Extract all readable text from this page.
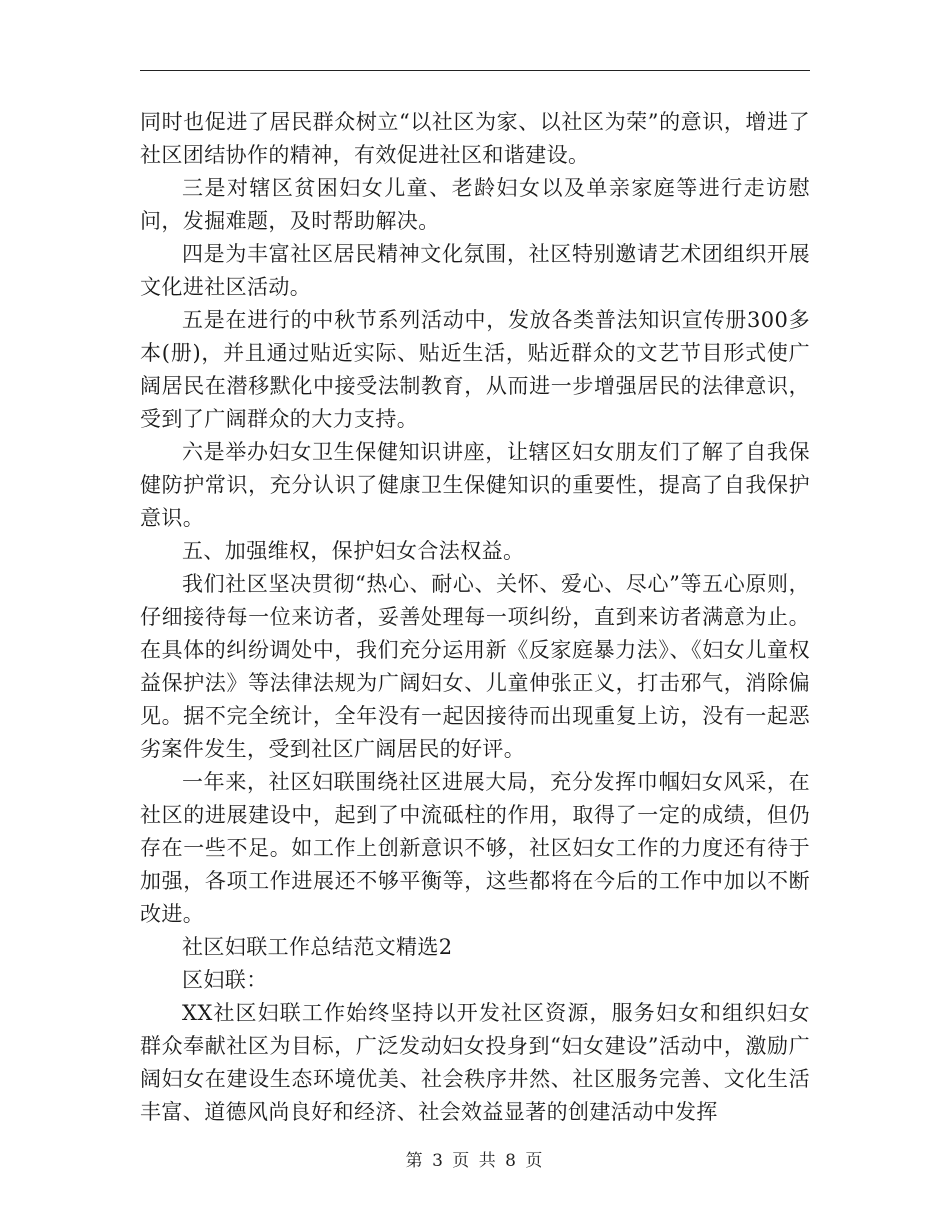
同时也促进了居民群众树立“以社区为家、以社区为荣”的意识，增进了社区团结协作的精神，有效促进社区和谐建设。

三是对辖区贫困妇女儿童、老龄妇女以及单亲家庭等进行走访慰问，发掘难题，及时帮助解决。

四是为丰富社区居民精神文化氛围，社区特别邀请艺术团组织开展文化进社区活动。

五是在进行的中秋节系列活动中，发放各类普法知识宣传册300多本(册)，并且通过贴近实际、贴近生活，贴近群众的文艺节目形式使广阔居民在潜移默化中接受法制教育，从而进一步增强居民的法律意识，受到了广阔群众的大力支持。

六是举办妇女卫生保健知识讲座，让辖区妇女朋友们了解了自我保健防护常识，充分认识了健康卫生保健知识的重要性，提高了自我保护意识。

五、加强维权，保护妇女合法权益。

我们社区坚决贯彻“热心、耐心、关怀、爱心、尽心”等五心原则，仔细接待每一位来访者，妥善处理每一项纠纷，直到来访者满意为止。在具体的纠纷调处中，我们充分运用新《反家庭暴力法》、《妇女儿童权益保护法》等法律法规为广阔妇女、儿童伸张正义，打击邪气，消除偏见。据不完全统计，全年没有一起因接待而出现重复上访，没有一起恶劣案件发生，受到社区广阔居民的好评。

一年来，社区妇联围绕社区进展大局，充分发挥巾帼妇女风采，在社区的进展建设中，起到了中流砥柱的作用，取得了一定的成绩，但仍存在一些不足。如工作上创新意识不够，社区妇女工作的力度还有待于加强，各项工作进展还不够平衡等，这些都将在今后的工作中加以不断改进。

社区妇联工作总结范文精选2

区妇联：

XX社区妇联工作始终坚持以开发社区资源，服务妇女和组织妇女群众奉献社区为目标，广泛发动妇女投身到“妇女建设”活动中，激励广阔妇女在建设生态环境优美、社会秩序井然、社区服务完善、文化生活丰富、道德风尚良好和经济、社会效益显著的创建活动中发挥

第 3 页 共 8 页
